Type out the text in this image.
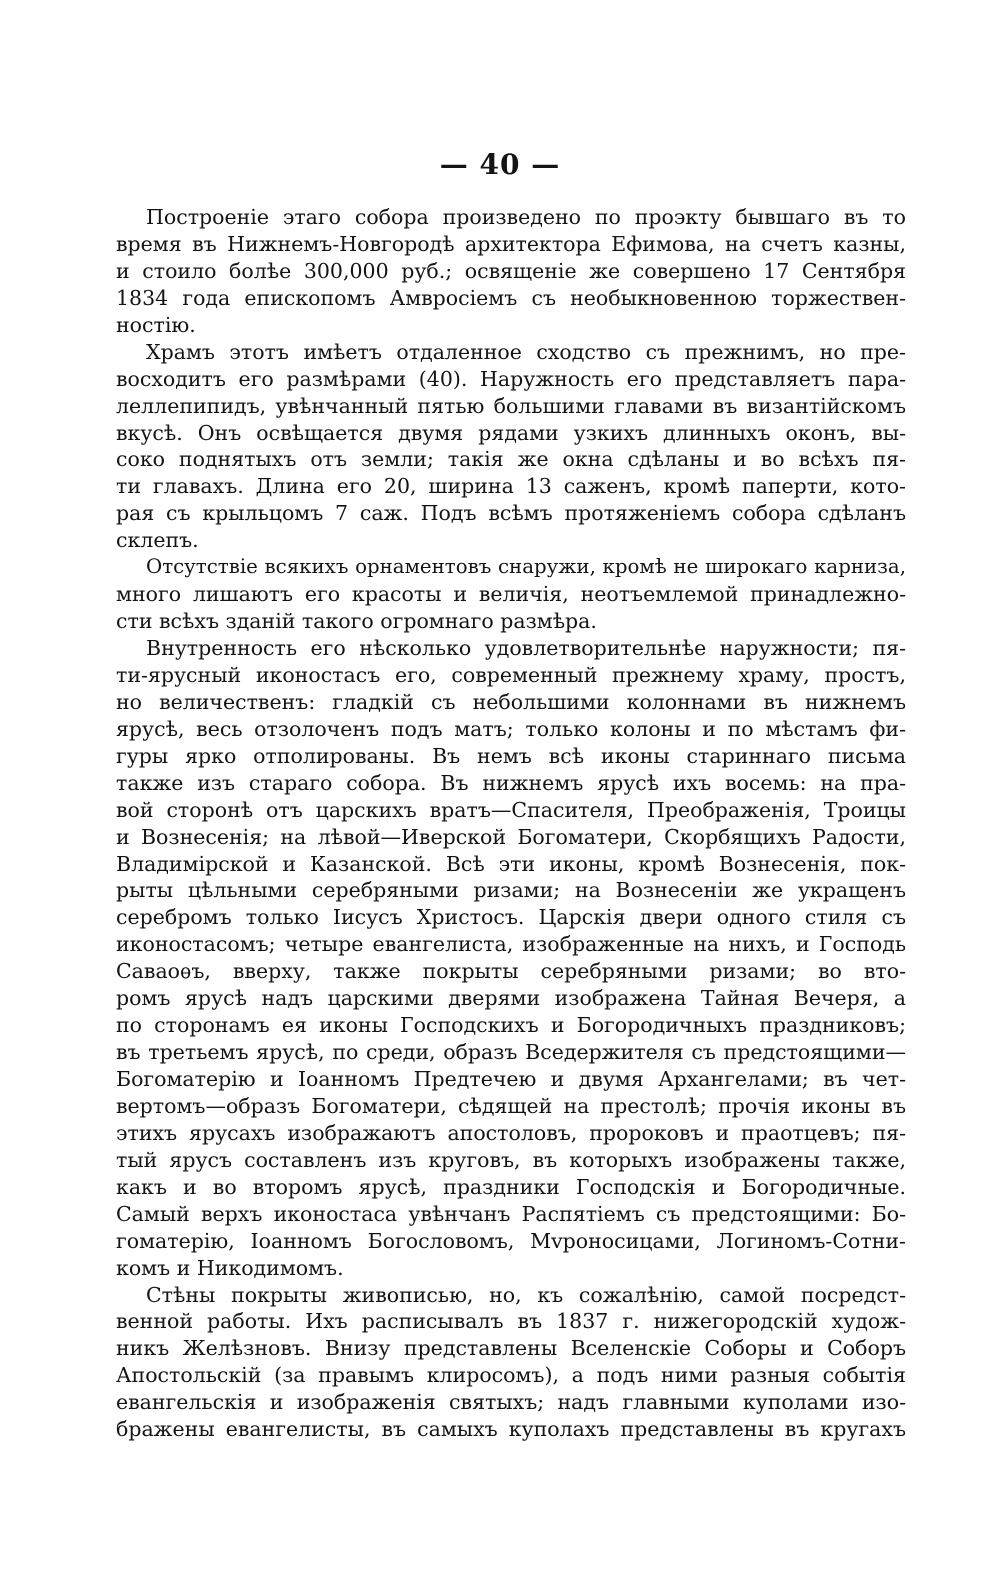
— 40 —
Построеніе этаго собора произведено по проэкту бывшаго въ то
время въ Нижнемъ-Новгородѣ архитектора Ефимова, на счетъ казны,
и стоило болѣе 300,000 руб.; освященіе же совершено 17 Сентября
1834 года епископомъ Амвросіемъ съ необыкновенною торжествен-
ностію.
Храмъ этотъ имѣетъ отдаленное сходство съ прежнимъ, но пре-
восходитъ его размѣрами (40). Наружность его представляетъ пара-
леллепипидъ, увѣнчанный пятью большими главами въ византійскомъ
вкусѣ. Онъ освѣщается двумя рядами узкихъ длинныхъ оконъ, вы-
соко поднятыхъ отъ земли; такія же окна сдѣланы и во всѣхъ пя-
ти главахъ. Длина его 20, ширина 13 саженъ, кромѣ паперти, кото-
рая съ крыльцомъ 7 саж. Подъ всѣмъ протяженіемъ собора сдѣланъ
склепъ.
Отсутствіе всякихъ орнаментовъ снаружи, кромѣ не широкаго карниза,
много лишаютъ его красоты и величія, неотъемлемой принадлежно-
сти всѣхъ зданій такого огромнаго размѣра.
Внутренность его нѣсколько удовлетворительнѣе наружности; пя-
ти-ярусный иконостасъ его, современный прежнему храму, простъ,
но величественъ: гладкій съ небольшими колоннами въ нижнемъ
ярусѣ, весь отзолоченъ подъ матъ; только колоны и по мѣстамъ фи-
гуры ярко отполированы. Въ немъ всѣ иконы стариннаго письма
также изъ стараго собора. Въ нижнемъ ярусѣ ихъ восемь: на пра-
вой сторонѣ отъ царскихъ вратъ—Спасителя, Преображенія, Троицы
и Вознесенія; на лѣвой—Иверской Богоматери, Скорбящихъ Радости,
Владимірской и Казанской. Всѣ эти иконы, кромѣ Вознесенія, пок-
рыты цѣльными серебряными ризами; на Вознесеніи же укращенъ
серебромъ только Іисусъ Христосъ. Царскія двери одного стиля съ
иконостасомъ; четыре евангелиста, изображенные на нихъ, и Господь
Саваоѳъ, вверху, также покрыты серебряными ризами; во вто-
ромъ ярусѣ надъ царскими дверями изображена Тайная Вечеря, а
по сторонамъ ея иконы Господскихъ и Богородичныхъ праздниковъ;
въ третьемъ ярусѣ, по среди, образъ Вседержителя съ предстоящими—
Богоматерію и Іоанномъ Предтечею и двумя Архангелами; въ чет-
вертомъ—образъ Богоматери, сѣдящей на престолѣ; прочія иконы въ
этихъ ярусахъ изображаютъ апостоловъ, пророковъ и праотцевъ; пя-
тый ярусъ составленъ изъ круговъ, въ которыхъ изображены также,
какъ и во второмъ ярусѣ, праздники Господскія и Богородичные.
Самый верхъ иконостаса увѣнчанъ Распятіемъ съ предстоящими: Бо-
гоматерію, Іоанномъ Богословомъ, Мvроносицами, Логиномъ-Сотни-
комъ и Никодимомъ.
Стѣны покрыты живописью, но, къ сожалѣнію, самой посредст-
венной работы. Ихъ расписывалъ въ 1837 г. нижегородскій худож-
никъ Желѣзновъ. Внизу представлены Вселенскіе Соборы и Соборъ
Апостольскій (за правымъ клиросомъ), а подъ ними разныя событія
евангельскія и изображенія святыхъ; надъ главными куполами изо-
бражены евангелисты, въ самыхъ куполахъ представлены въ кругахъ
